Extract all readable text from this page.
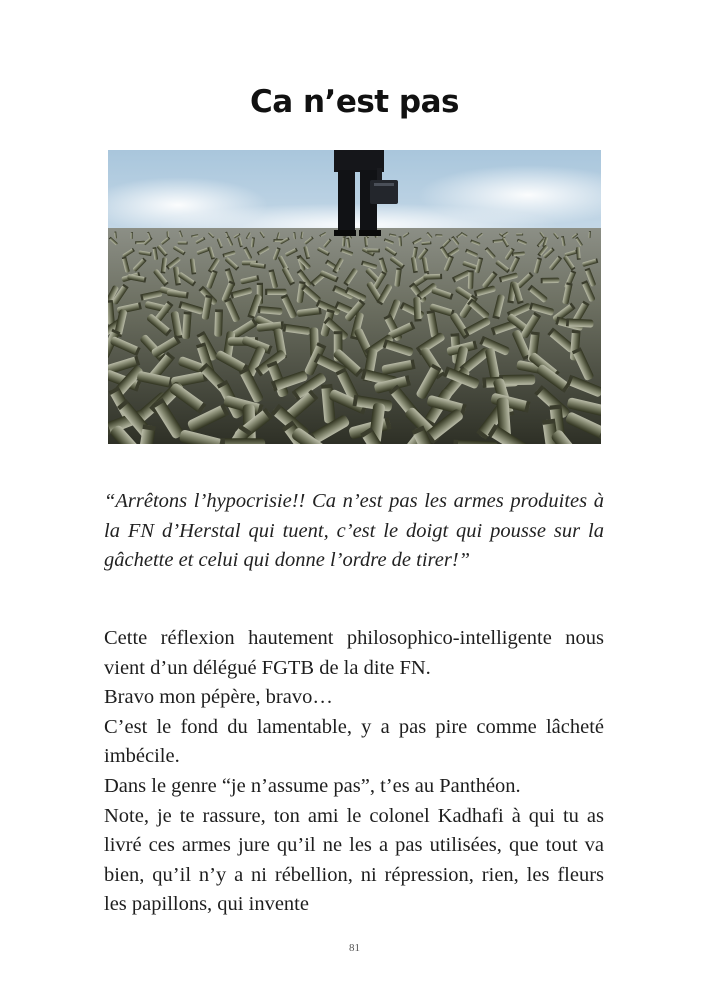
Ca n’est pas

“Arrêtons l’hypocrisie!! Ca n’est pas les armes produites à la FN d’Herstal qui tuent, c’est le doigt qui pousse sur la gâchette et celui qui donne l’ordre de tirer!”

Cette réflexion hautement philosophico-intelligente nous vient d’un délégué FGTB de la dite FN.

Bravo mon pépère, bravo…

C’est le fond du lamentable, y a pas pire comme lâcheté imbécile.

Dans le genre “je n’assume pas”, t’es au Panthéon.

Note, je te rassure, ton ami le colonel Kadhafi à qui tu as livré ces armes jure qu’il ne les a pas utilisées, que tout va bien, qu’il n’y a ni rébellion, ni répression, rien, les fleurs les papillons, qui invente

81
